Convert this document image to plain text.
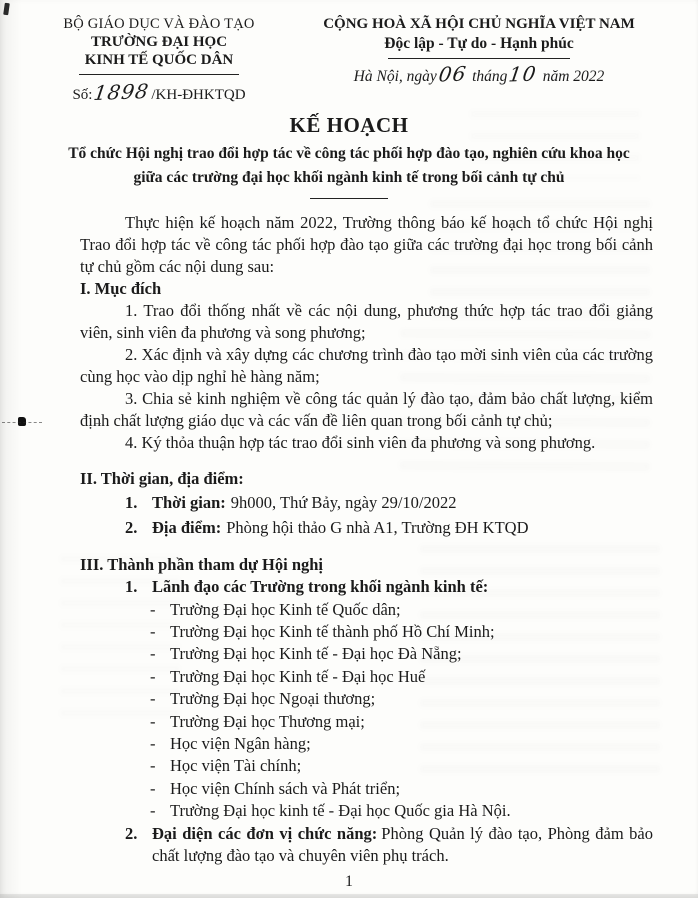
BỘ GIÁO DỤC VÀ ĐÀO TẠO
TRƯỜNG ĐẠI HỌC
KINH TẾ QUỐC DÂN
Số:1898/KH-ĐHKTQD
CỘNG HOÀ XÃ HỘI CHỦ NGHĨA VIỆT NAM
Độc lập - Tự do - Hạnh phúc
Hà Nội, ngày06 tháng10 năm 2022
KẾ HOẠCH
Tổ chức Hội nghị trao đổi hợp tác về công tác phối hợp đào tạo, nghiên cứu khoa học
giữa các trường đại học khối ngành kinh tế trong bối cảnh tự chủ

Thực hiện kế hoạch năm 2022, Trường thông báo kế hoạch tổ chức Hội nghị Trao đổi hợp tác về công tác phối hợp đào tạo giữa các trường đại học trong bối cảnh tự chủ gồm các nội dung sau:

I. Mục đích

1. Trao đổi thống nhất về các nội dung, phương thức hợp tác trao đổi giảng viên, sinh viên đa phương và song phương;

2. Xác định và xây dựng các chương trình đào tạo mời sinh viên của các trường cùng học vào dịp nghỉ hè hàng năm;

3. Chia sẻ kinh nghiệm về công tác quản lý đào tạo, đảm bảo chất lượng, kiểm định chất lượng giáo dục và các vấn đề liên quan trong bối cảnh tự chủ;

4. Ký thỏa thuận hợp tác trao đổi sinh viên đa phương và song phương.

II. Thời gian, địa điểm:

1. Thời gian: 9h000, Thứ Bảy, ngày 29/10/2022
2. Địa điểm: Phòng hội thảo G nhà A1, Trường ĐH KTQD

III. Thành phần tham dự Hội nghị

1. Lãnh đạo các Trường trong khối ngành kinh tế:
- Trường Đại học Kinh tế Quốc dân;
- Trường Đại học Kinh tế thành phố Hồ Chí Minh;
- Trường Đại học Kinh tế - Đại học Đà Nẵng;
- Trường Đại học Kinh tế - Đại học Huế
- Trường Đại học Ngoại thương;
- Trường Đại học Thương mại;
- Học viện Ngân hàng;
- Học viện Tài chính;
- Học viện Chính sách và Phát triển;
- Trường Đại học kinh tế - Đại học Quốc gia Hà Nội.
2. Đại diện các đơn vị chức năng: Phòng Quản lý đào tạo, Phòng đảm bảo chất lượng đào tạo và chuyên viên phụ trách.
1
